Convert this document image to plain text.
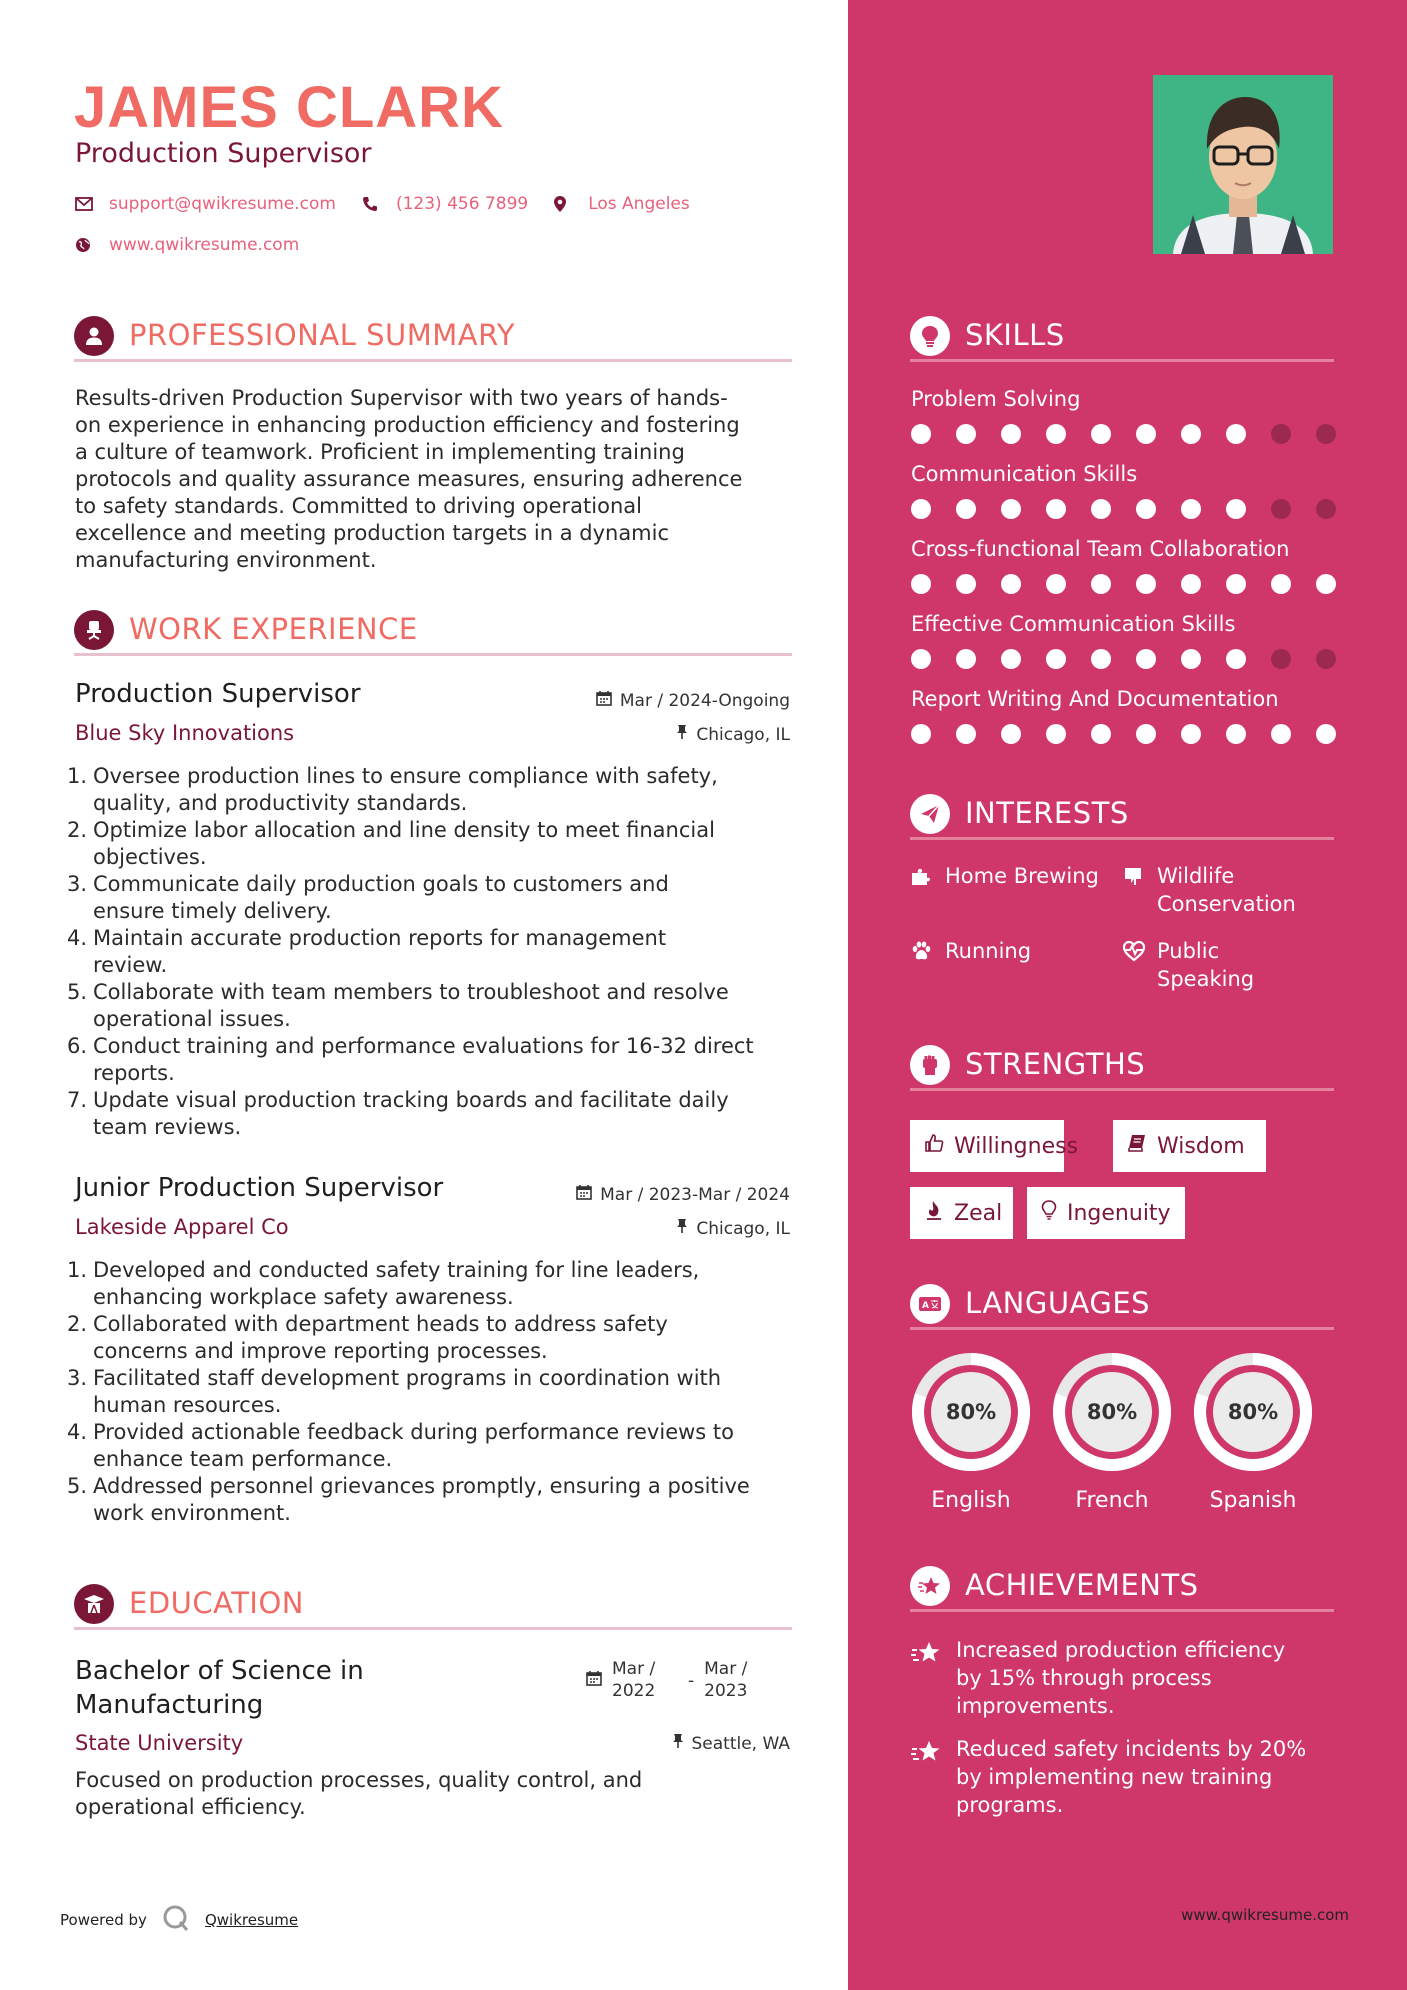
JAMES CLARK
Production Supervisor
support@qwikresume.com	(123) 456 7899	Los Angeles
www.qwikresume.com
PROFESSIONAL SUMMARY
Results-driven Production Supervisor with two years of hands-
on experience in enhancing production efficiency and fostering
a culture of teamwork. Proficient in implementing training
protocols and quality assurance measures, ensuring adherence
to safety standards. Committed to driving operational
excellence and meeting production targets in a dynamic
manufacturing environment.
WORK EXPERIENCE
Production Supervisor	Mar / 2024-Ongoing
Blue Sky Innovations	Chicago, IL
1. Oversee production lines to ensure compliance with safety,
quality, and productivity standards.
2. Optimize labor allocation and line density to meet financial
objectives.
3. Communicate daily production goals to customers and
ensure timely delivery.
4. Maintain accurate production reports for management
review.
5. Collaborate with team members to troubleshoot and resolve
operational issues.
6. Conduct training and performance evaluations for 16-32 direct
reports.
7. Update visual production tracking boards and facilitate daily
team reviews.
Junior Production Supervisor	Mar / 2023-Mar / 2024
Lakeside Apparel Co	Chicago, IL
1. Developed and conducted safety training for line leaders,
enhancing workplace safety awareness.
2. Collaborated with department heads to address safety
concerns and improve reporting processes.
3. Facilitated staff development programs in coordination with
human resources.
4. Provided actionable feedback during performance reviews to
enhance team performance.
5. Addressed personnel grievances promptly, ensuring a positive
work environment.
EDUCATION
Bachelor of Science in
Manufacturing
Mar /
2022	-
Mar /
2023
State University	Seattle, WA
Focused on production processes, quality control, and
operational efficiency.
Powered by	Qwikresume
SKILLS
Problem Solving
Communication Skills
Cross-functional Team Collaboration
Effective Communication Skills
Report Writing And Documentation
INTERESTS
Home Brewing	Wildlife
Conservation
Running	Public
Speaking
STRENGTHS
Willingness	Wisdom
Zeal	Ingenuity
A LANGUAGES
80%
English
80%
French
80%
Spanish
ACHIEVEMENTS
Increased production efficiency
by 15% through process
improvements.
Reduced safety incidents by 20%
by implementing new training
programs.
www.qwikresume.com
